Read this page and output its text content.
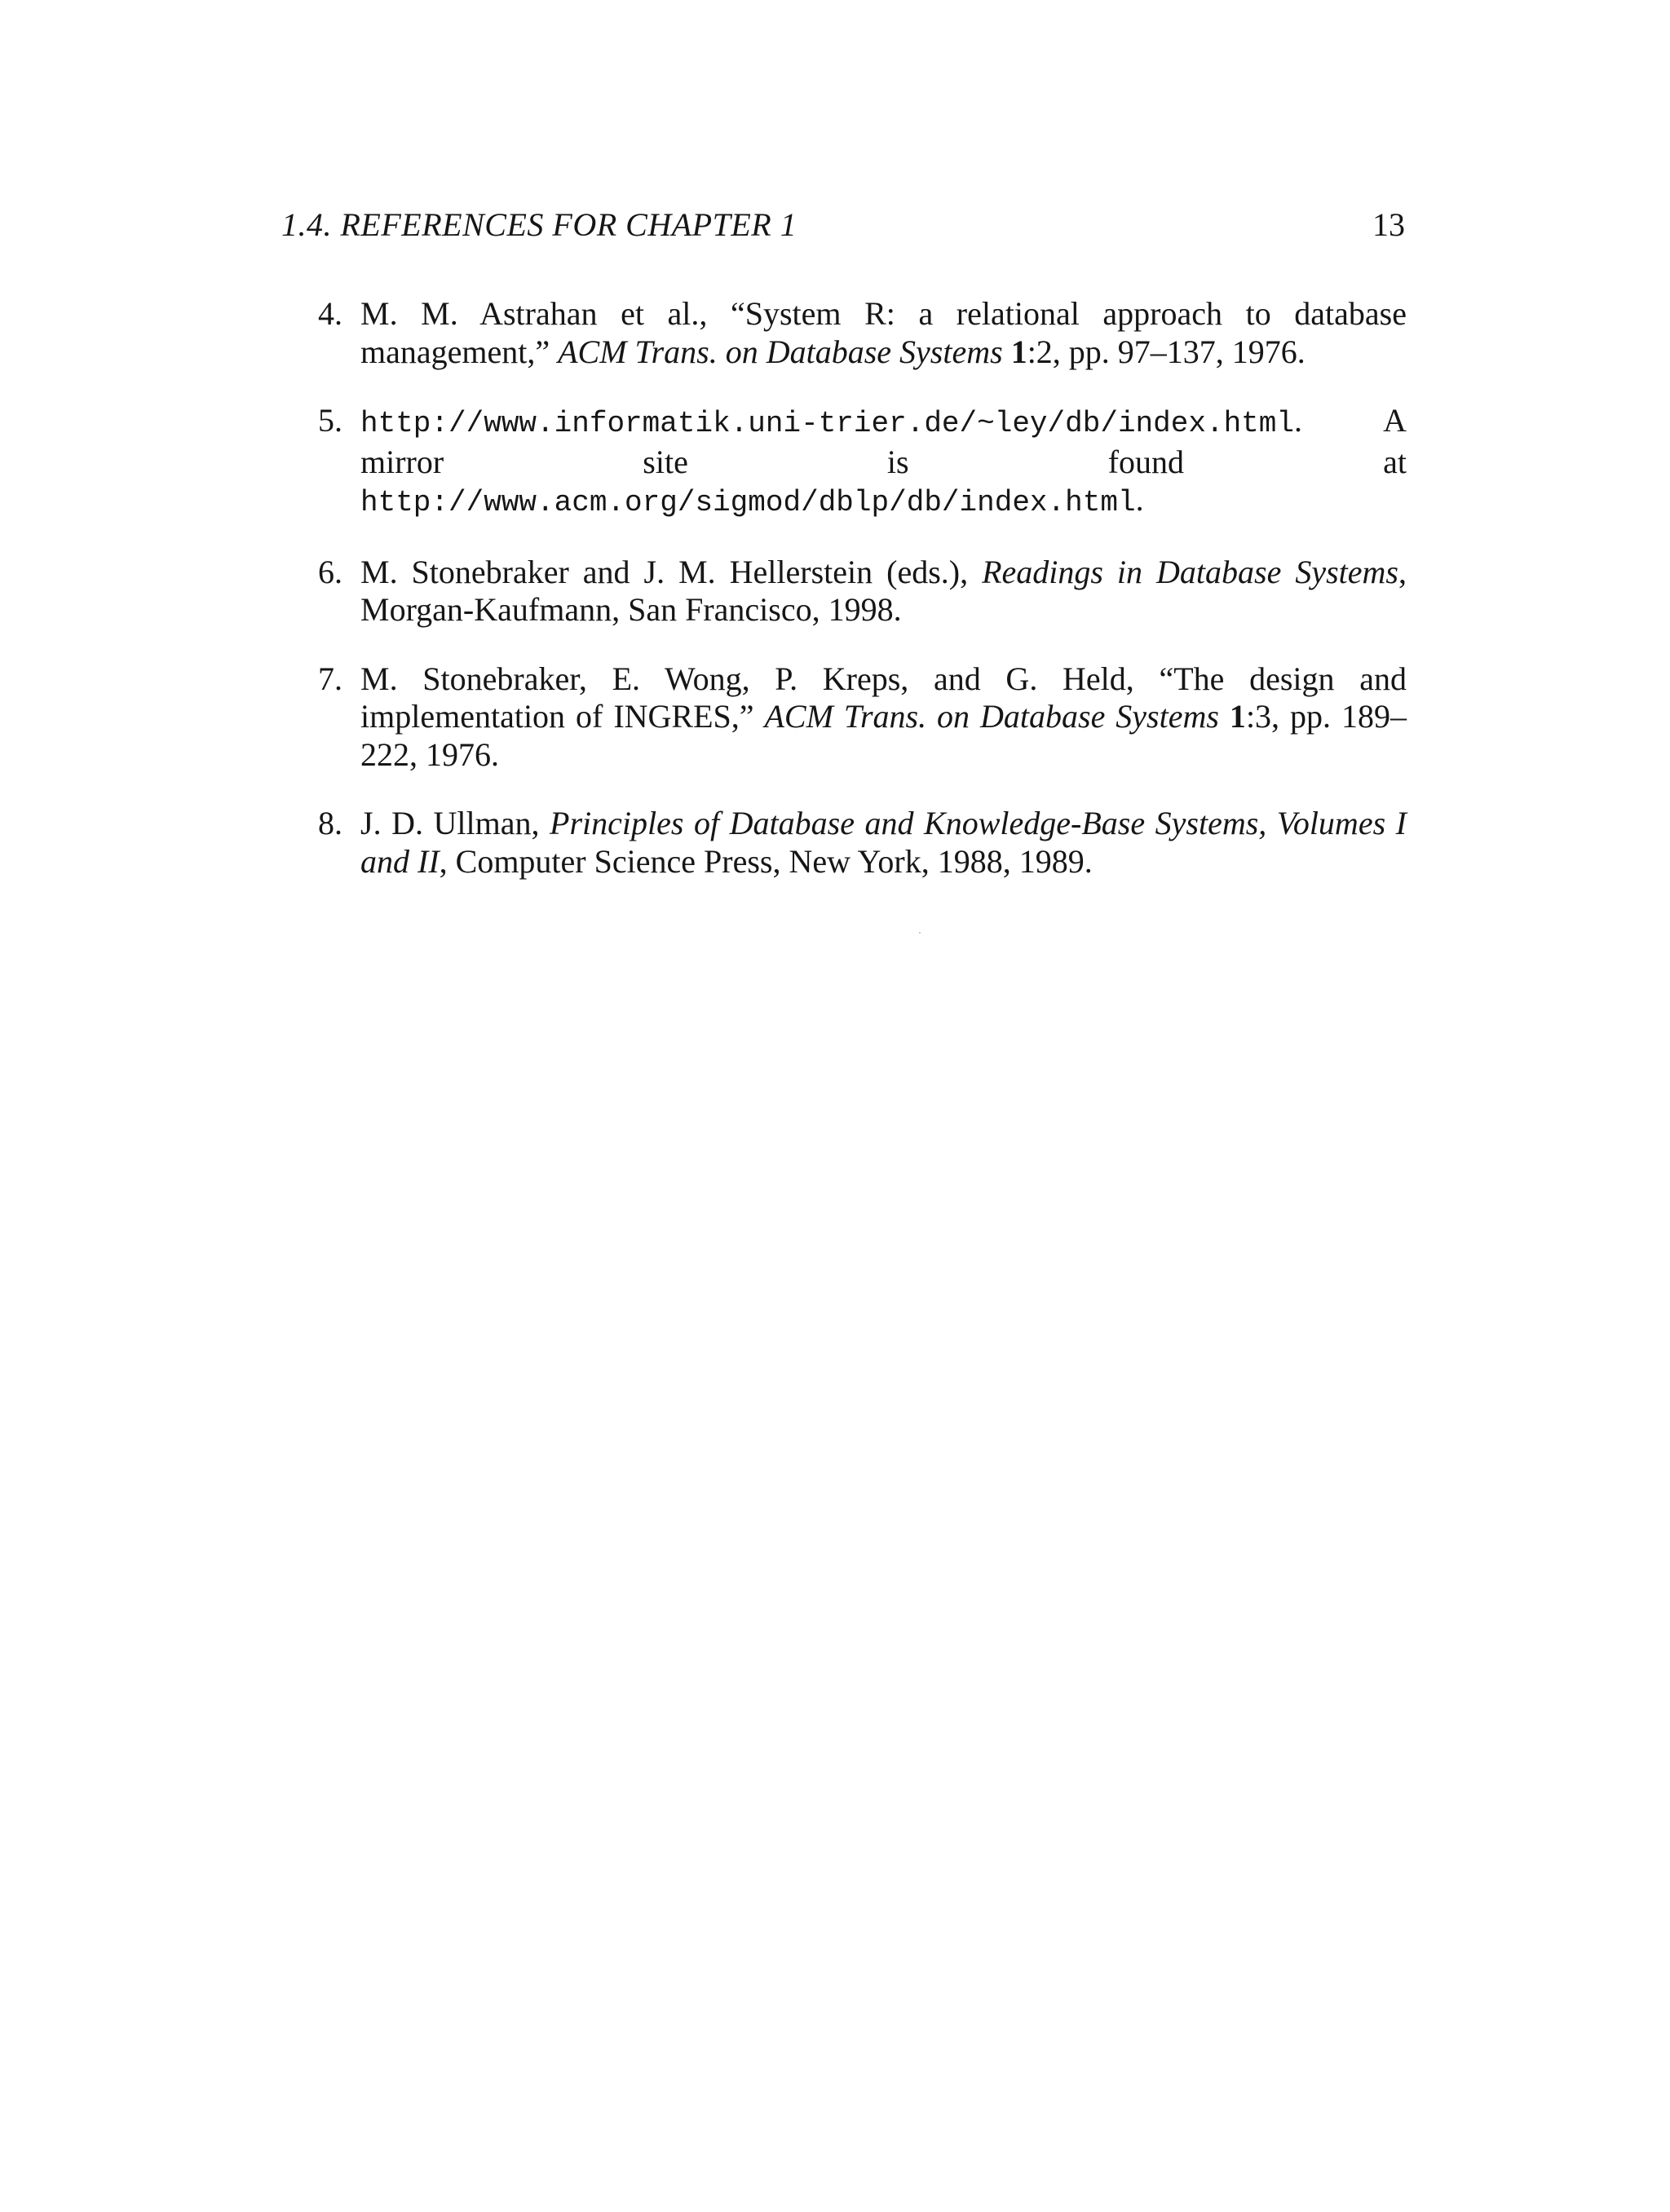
1.4. REFERENCES FOR CHAPTER 1	13
4. M. M. Astrahan et al., “System R: a relational approach to database management,” ACM Trans. on Database Systems 1:2, pp. 97–137, 1976.
5. http://www.informatik.uni-trier.de/~ley/db/index.html. A mirror site is found at http://www.acm.org/sigmod/dblp/db/index.html.
6. M. Stonebraker and J. M. Hellerstein (eds.), Readings in Database Systems, Morgan-Kaufmann, San Francisco, 1998.
7. M. Stonebraker, E. Wong, P. Kreps, and G. Held, “The design and implementation of INGRES,” ACM Trans. on Database Systems 1:3, pp. 189–222, 1976.
8. J. D. Ullman, Principles of Database and Knowledge-Base Systems, Volumes I and II, Computer Science Press, New York, 1988, 1989.
